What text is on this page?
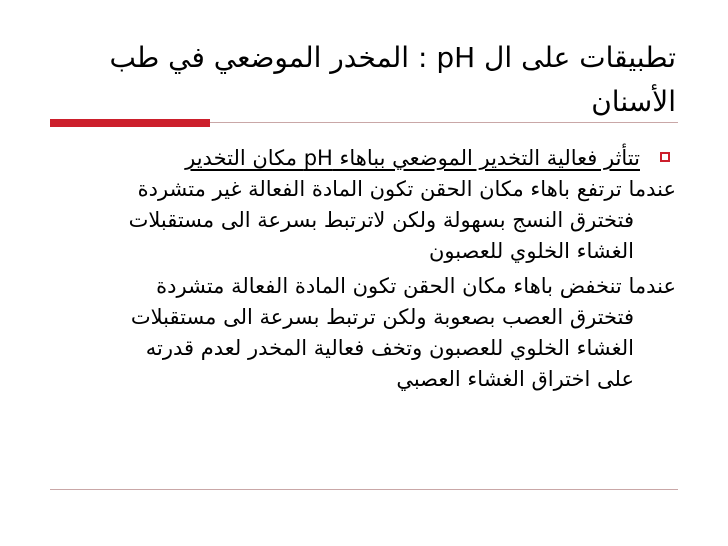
تطبيقات على ال pH : المخدر الموضعي في طب
الأسنان
تتأثر فعالية التخدير الموضعي بباهاء pH مكان التخدير
عندما ترتفع باهاء مكان الحقن تكون المادة الفعالة غير متشردة
فتخترق النسج بسهولة ولكن لاترتبط بسرعة الى مستقبلات
الغشاء الخلوي للعصبون
عندما تنخفض باهاء مكان الحقن تكون المادة الفعالة متشردة
فتخترق العصب بصعوبة ولكن ترتبط بسرعة الى مستقبلات
الغشاء الخلوي للعصبون وتخف فعالية المخدر لعدم قدرته
على اختراق الغشاء العصبي
